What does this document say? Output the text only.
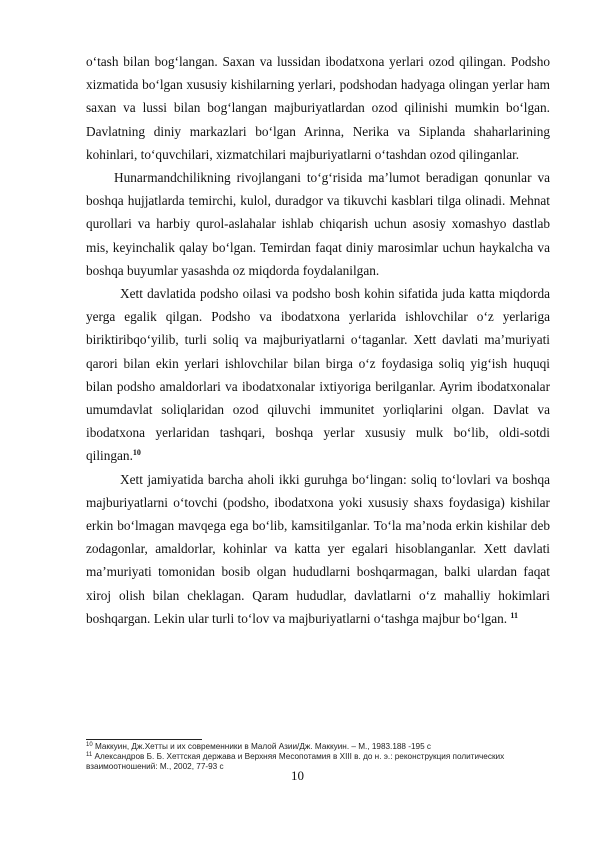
o‘tash bilan bog‘langan. Saxan va lussidan ibodatxona yerlari ozod qilingan. Podsho xizmatida bo‘lgan xususiy kishilarning yerlari, podshodan hadyaga olingan yerlar ham saxan va lussi bilan bog‘langan majburiyatlardan ozod qilinishi mumkin bo‘lgan. Davlatning diniy markazlari bo‘lgan Arinna, Nerika va Siplanda shaharlarining kohinlari, to‘quvchilari, xizmatchilari majburiyatlarni o‘tashdan ozod qilinganlar.

Hunarmandchilikning rivojlangani to‘g‘risida ma’lumot beradigan qonunlar va boshqa hujjatlarda temirchi, kulol, duradgor va tikuvchi kasblari tilga olinadi. Mehnat qurollari va harbiy qurol-aslahalar ishlab chiqarish uchun asosiy xomashyo dastlab mis, keyinchalik qalay bo‘lgan. Temirdan faqat diniy marosimlar uchun haykalcha va boshqa buyumlar yasashda oz miqdorda foydalanilgan.

Xett davlatida podsho oilasi va podsho bosh kohin sifatida juda katta miqdorda yerga egalik qilgan. Podsho va ibodatxona yerlarida ishlovchilar o‘z yerlariga biriktiribqo‘yilib, turli soliq va majburiyatlarni o‘taganlar. Xett davlati ma’muriyati qarori bilan ekin yerlari ishlovchilar bilan birga o‘z foydasiga soliq yig‘ish huquqi bilan podsho amaldorlari va ibodatxonalar ixtiyoriga berilganlar. Ayrim ibodatxonalar umumdavlat soliqlaridan ozod qiluvchi immunitet yorliqlarini olgan. Davlat va ibodatxona yerlaridan tashqari, boshqa yerlar xususiy mulk bo‘lib, oldi-sotdi qilingan.$^{10}$

Xett jamiyatida barcha aholi ikki guruhga bo‘lingan: soliq to‘lovlari va boshqa majburiyatlarni o‘tovchi (podsho, ibodatxona yoki xususiy shaxs foydasiga) kishilar erkin bo‘lmagan mavqega ega bo‘lib, kamsitilganlar. To‘la ma’noda erkin kishilar deb zodagonlar, amaldorlar, kohinlar va katta yer egalari hisoblanganlar. Xett davlati ma’muriyati tomonidan bosib olgan hududlarni boshqarmagan, balki ulardan faqat xiroj olish bilan cheklagan. Qaram hududlar, davlatlarni o‘z mahalliy hokimlari boshqargan. Lekin ular turli to‘lov va majburiyatlarni o‘tashga majbur bo‘lgan. $^{11}$

$^{10}$ Маккуин, Дж.Хетты и их современники в Малой Азии/Дж. Маккуин. – М., 1983.188 -195 с

$^{11}$ Александров Б. Б. Хеттская держава и Верхняя Месопотамия в XIII в. до н. э.: реконструкция политических взаимоотношений: М., 2002, 77-93 с

10
